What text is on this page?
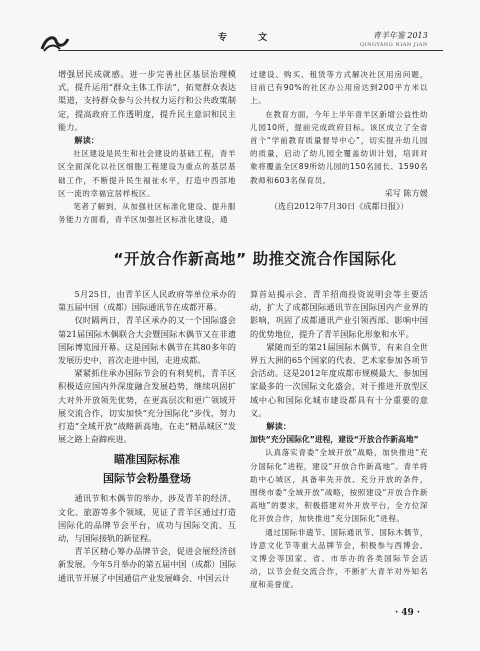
专 文	青羊年鉴 2013
QINGYANG NIAN JIAN

增强居民成就感。进一步完善社区基层治理模式，提升运用“群众主体工作法”，拓宽群众表达渠道，支持群众参与公共权力运行和公共政策制定，提高政府工作透明度，提升民主意识和民主能力。

解读：

社区建设是民生和社会建设的基础工程，青羊区全面深化以社区细胞工程建设为重点的基层基础工作，不断提升民生福祉水平，打造中西部地区一流的幸福宜居样板区。

笔者了解到，从加强社区标准化建设、提升服务能力方面看，青羊区加强社区标准化建设，通

过建设、购买、租赁等方式解决社区用房问题，目前已有90%的社区办公用房达到200平方米以上。

在教育方面，今年上半年青羊区新增公益性幼儿园10所，提前完成政府目标。该区成立了全省首个“学前教育质量督导中心”，切实提升幼儿园的质量，启动了幼儿园全覆盖幼训计划，培训对象将覆盖全区89所幼儿园的150名园长、1590名教师和603名保育员。

采写 陈方媛

（选自2012年7月30日《成都日报》）

“开放合作新高地” 助推交流合作国际化

5月25日，由青羊区人民政府等单位承办的第五届中国（成都）国际通讯节在成都开幕。

仅时隔两日，青羊区承办的又一个国际盛会第21届国际木偶联合大会暨国际木偶节又在非遗国际博览园开幕。这是国际木偶节在其80多年的发展历史中，首次走进中国，走进成都。

紧紧抓住承办国际节会的有利契机，青羊区积极适应国内外深度融合发展趋势，继续巩固扩大对外开放领先优势，在更高层次和更广领域开展交流合作，切实加快“充分国际化”步伐，努力打造“全域开放”战略新高地，在走“精品城区”发展之路上奋蹄疾进。

瞄准国际标准
国际节会粉墨登场

通讯节和木偶节的举办，涉及青羊的经济、文化、旅游等多个领域，见证了青羊区通过打造国际化的品牌节会平台，成功与国际交流、互动，与国际接轨的新征程。

青羊区精心筹办品牌节会，促进会展经济创新发展。今年5月举办的第五届中国（成都）国际通讯节开展了中国通信产业发展峰会、中国云计

算首站揭示会、青羊招商投资说明会等主要活动，扩大了成都国际通讯节在国际国内产业界的影响，巩固了成都通讯产业引领西部、影响中国的优势地位，提升了青羊国际化形象和水平。

紧随而至的第21届国际木偶节，有来自全世界五大洲的65个国家的代表、艺术家参加各项节会活动。这是2012年度成都市规模最大、参加国家最多的一次国际文化盛会，对于推进开放型区域中心和国际化城市建设都具有十分重要的意义。

解读：

加快“充分国际化”进程，建设“开放合作新高地”

认真落实青委“全域开放”战略，加快推进“充分国际化”进程，建设“开放合作新高地”。青羊将助中心城区，具备率先开放、充分开放的条件，围绕市委“全域开放”战略，按照建设“开放合作新高地”的要求，积极搭建对外开放平台，全方位深化开放合作，加快推进“充分国际化”进程。

通过国际非遗节、国际通讯节、国际木偶节，诗意文化节等重大品牌节会，积极参与西博会、文博会等国家、省、市举办的各类国际节会活动，以节会促交流合作，不断扩大青羊对外知名度和美誉度。

· 49 ·
